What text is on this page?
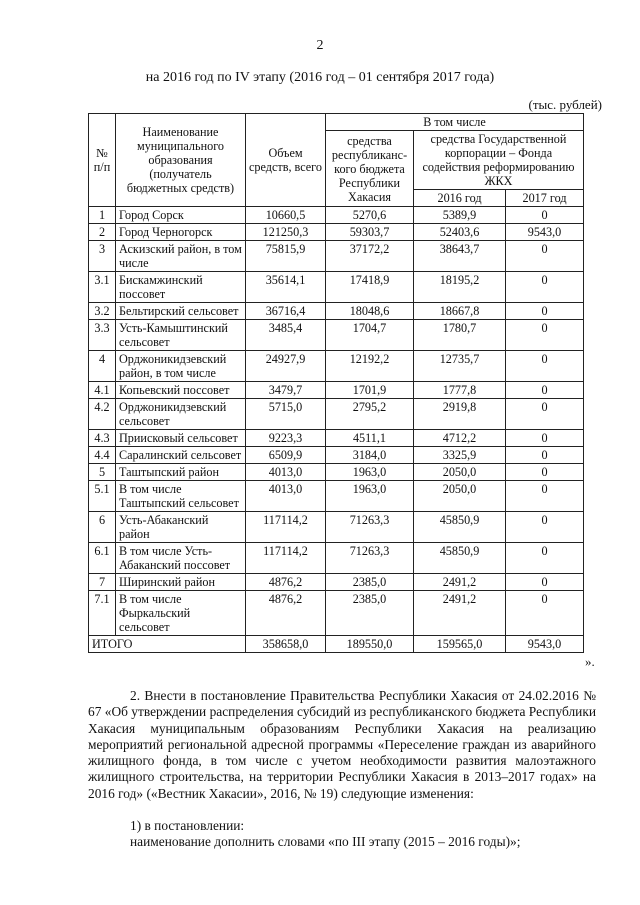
2
на 2016 год по IV этапу (2016 год – 01 сентября 2017 года)
(тыс. рублей)
№ п/п	Наименование муниципального образования (получатель бюджетных средств)	Объем средств, всего	В том числе		
			средства республиканс-кого бюджета Республики Хакасия	средства Государственной корпорации – Фонда содействия реформированию ЖКХ	
				2016 год	2017 год
1	Город Сорск	10660,5	5270,6	5389,9	0
2	Город Черногорск	121250,3	59303,7	52403,6	9543,0
3	Аскизский район, в том числе	75815,9	37172,2	38643,7	0
3.1	Бискамжинский поссовет	35614,1	17418,9	18195,2	0
3.2	Бельтирский сельсовет	36716,4	18048,6	18667,8	0
3.3	Усть-Камыштинский сельсовет	3485,4	1704,7	1780,7	0
4	Орджоникидзевский район, в том числе	24927,9	12192,2	12735,7	0
4.1	Копьевский поссовет	3479,7	1701,9	1777,8	0
4.2	Орджоникидзевский сельсовет	5715,0	2795,2	2919,8	0
4.3	Приисковый сельсовет	9223,3	4511,1	4712,2	0
4.4	Саралинский сельсовет	6509,9	3184,0	3325,9	0
5	Таштыпский район	4013,0	1963,0	2050,0	0
5.1	В том числе Таштыпский сельсовет	4013,0	1963,0	2050,0	0
6	Усть-Абаканский район	117114,2	71263,3	45850,9	0
6.1	В том числе Усть-Абаканский поссовет	117114,2	71263,3	45850,9	0
7	Ширинский район	4876,2	2385,0	2491,2	0
7.1	В том числе Фыркальский сельсовет	4876,2	2385,0	2491,2	0
ИТОГО		358658,0	189550,0	159565,0	9543,0
».
2. Внести в постановление Правительства Республики Хакасия от 24.02.2016 № 67 «Об утверждении распределения субсидий из республиканского бюджета Республики Хакасия муниципальным образованиям Республики Хакасия на реализацию мероприятий региональной адресной программы «Переселение граждан из аварийного жилищного фонда, в том числе с учетом необходимости развития малоэтажного жилищного строительства, на территории Республики Хакасия в 2013–2017 годах» на 2016 год» («Вестник Хакасии», 2016, № 19) следующие изменения:
1) в постановлении:
наименование дополнить словами «по III этапу (2015 – 2016 годы)»;
